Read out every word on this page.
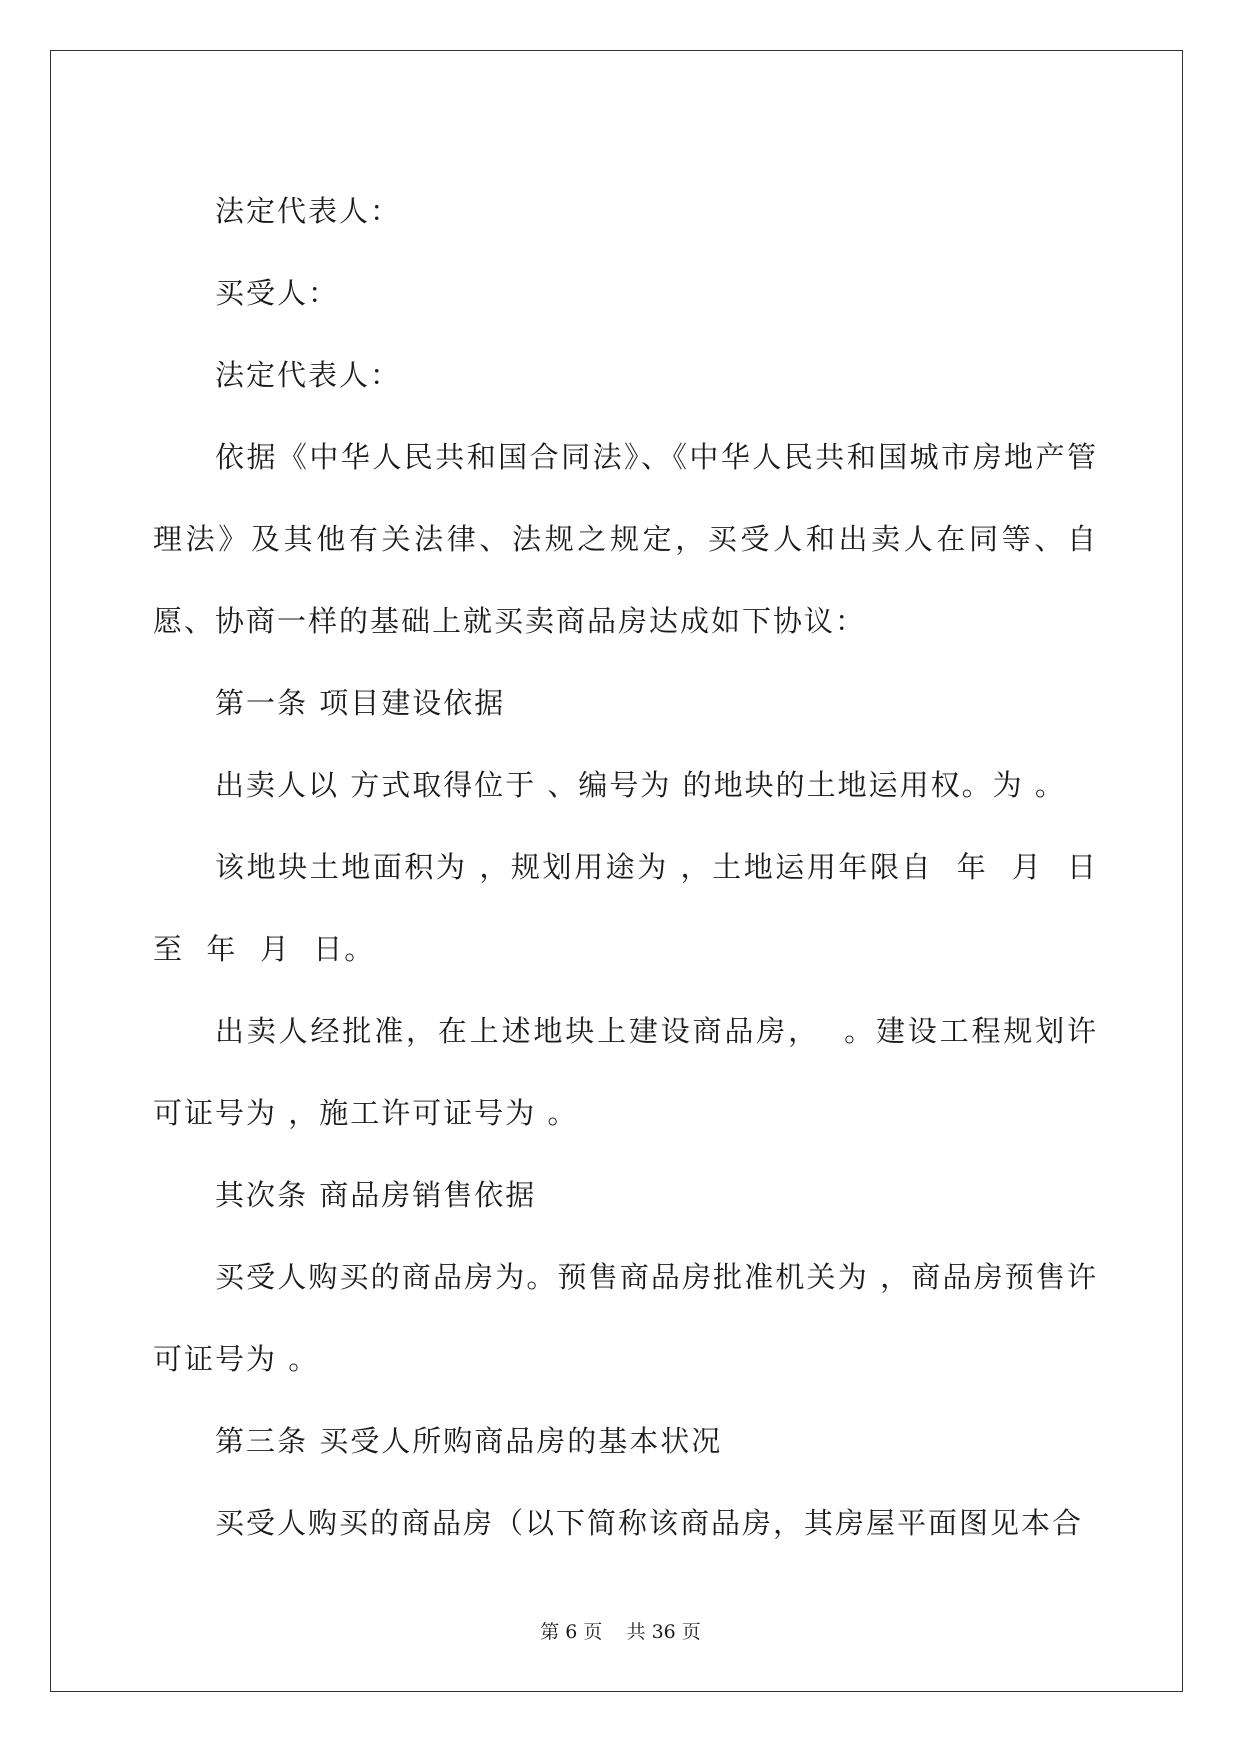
法定代表人：

买受人：

法定代表人：

依据《中华人民共和国合同法》、《中华人民共和国城市房地产管理法》及其他有关法律、法规之规定，买受人和出卖人在同等、自愿、协商一样的基础上就买卖商品房达成如下协议：

第一条 项目建设依据

出卖人以 方式取得位于 、编号为 的地块的土地运用权。为 。

该地块土地面积为 ，规划用途为 ，土地运用年限自  年  月  日至  年  月  日。

出卖人经批准，在上述地块上建设商品房，  。建设工程规划许可证号为 ，施工许可证号为 。

其次条 商品房销售依据

买受人购买的商品房为。预售商品房批准机关为 ，商品房预售许可证号为 。

第三条 买受人所购商品房的基本状况

买受人购买的商品房（以下简称该商品房，其房屋平面图见本合

第 6 页 共 36 页
